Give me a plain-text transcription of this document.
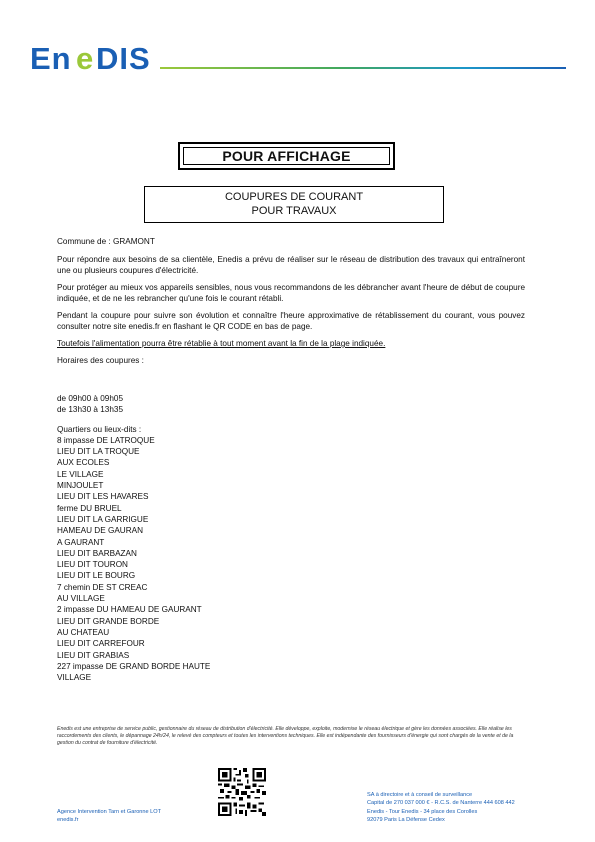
En e DIS
POUR AFFICHAGE
COUPURES DE COURANT
POUR TRAVAUX

Commune de : GRAMONT

Pour répondre aux besoins de sa clientèle, Enedis a prévu de réaliser sur le réseau de distribution des travaux qui entraîneront une ou plusieurs coupures d'électricité.

Pour protéger au mieux vos appareils sensibles, nous vous recommandons de les débrancher avant l'heure de début de coupure indiquée, et de ne les rebrancher qu'une fois le courant rétabli.

Pendant la coupure pour suivre son évolution et connaître l'heure approximative de rétablissement du courant, vous pouvez consulter notre site enedis.fr en flashant le QR CODE en bas de page.

Toutefois l'alimentation pourra être rétablie à tout moment avant la fin de la plage indiquée.

Horaires des coupures :

de 09h00 à 09h05
de 13h30 à 13h35
Quartiers ou lieux-dits :
8 impasse DE LATROQUE
LIEU DIT LA TROQUE
AUX ECOLES
LE VILLAGE
MINJOULET
LIEU DIT LES HAVARES
ferme DU BRUEL
LIEU DIT LA GARRIGUE
HAMEAU DE GAURAN
A GAURANT
LIEU DIT BARBAZAN
LIEU DIT TOURON
LIEU DIT LE BOURG
7 chemin DE ST CREAC
AU VILLAGE
2 impasse DU HAMEAU DE GAURANT
LIEU DIT GRANDE BORDE
AU CHATEAU
LIEU DIT CARREFOUR
LIEU DIT GRABIAS
227 impasse DE GRAND BORDE HAUTE
VILLAGE
Enedis est une entreprise de service public, gestionnaire du réseau de distribution d'électricité. Elle développe, exploite, modernise le réseau électrique et gère les données associées. Elle réalise les raccordements des clients, le dépannage 24h/24, le relevé des compteurs et toutes les interventions techniques. Elle est indépendante des fournisseurs d'énergie qui sont chargés de la vente et de la gestion du contrat de fourniture d'électricité.
Agence Intervention Tarn et Garonne LOT
enedis.fr
SA à directoire et à conseil de surveillance
Capital de 270 037 000 € - R.C.S. de Nanterre 444 608 442
Enedis - Tour Enedis - 34 place des Corolles
92079 Paris La Défense Cedex
